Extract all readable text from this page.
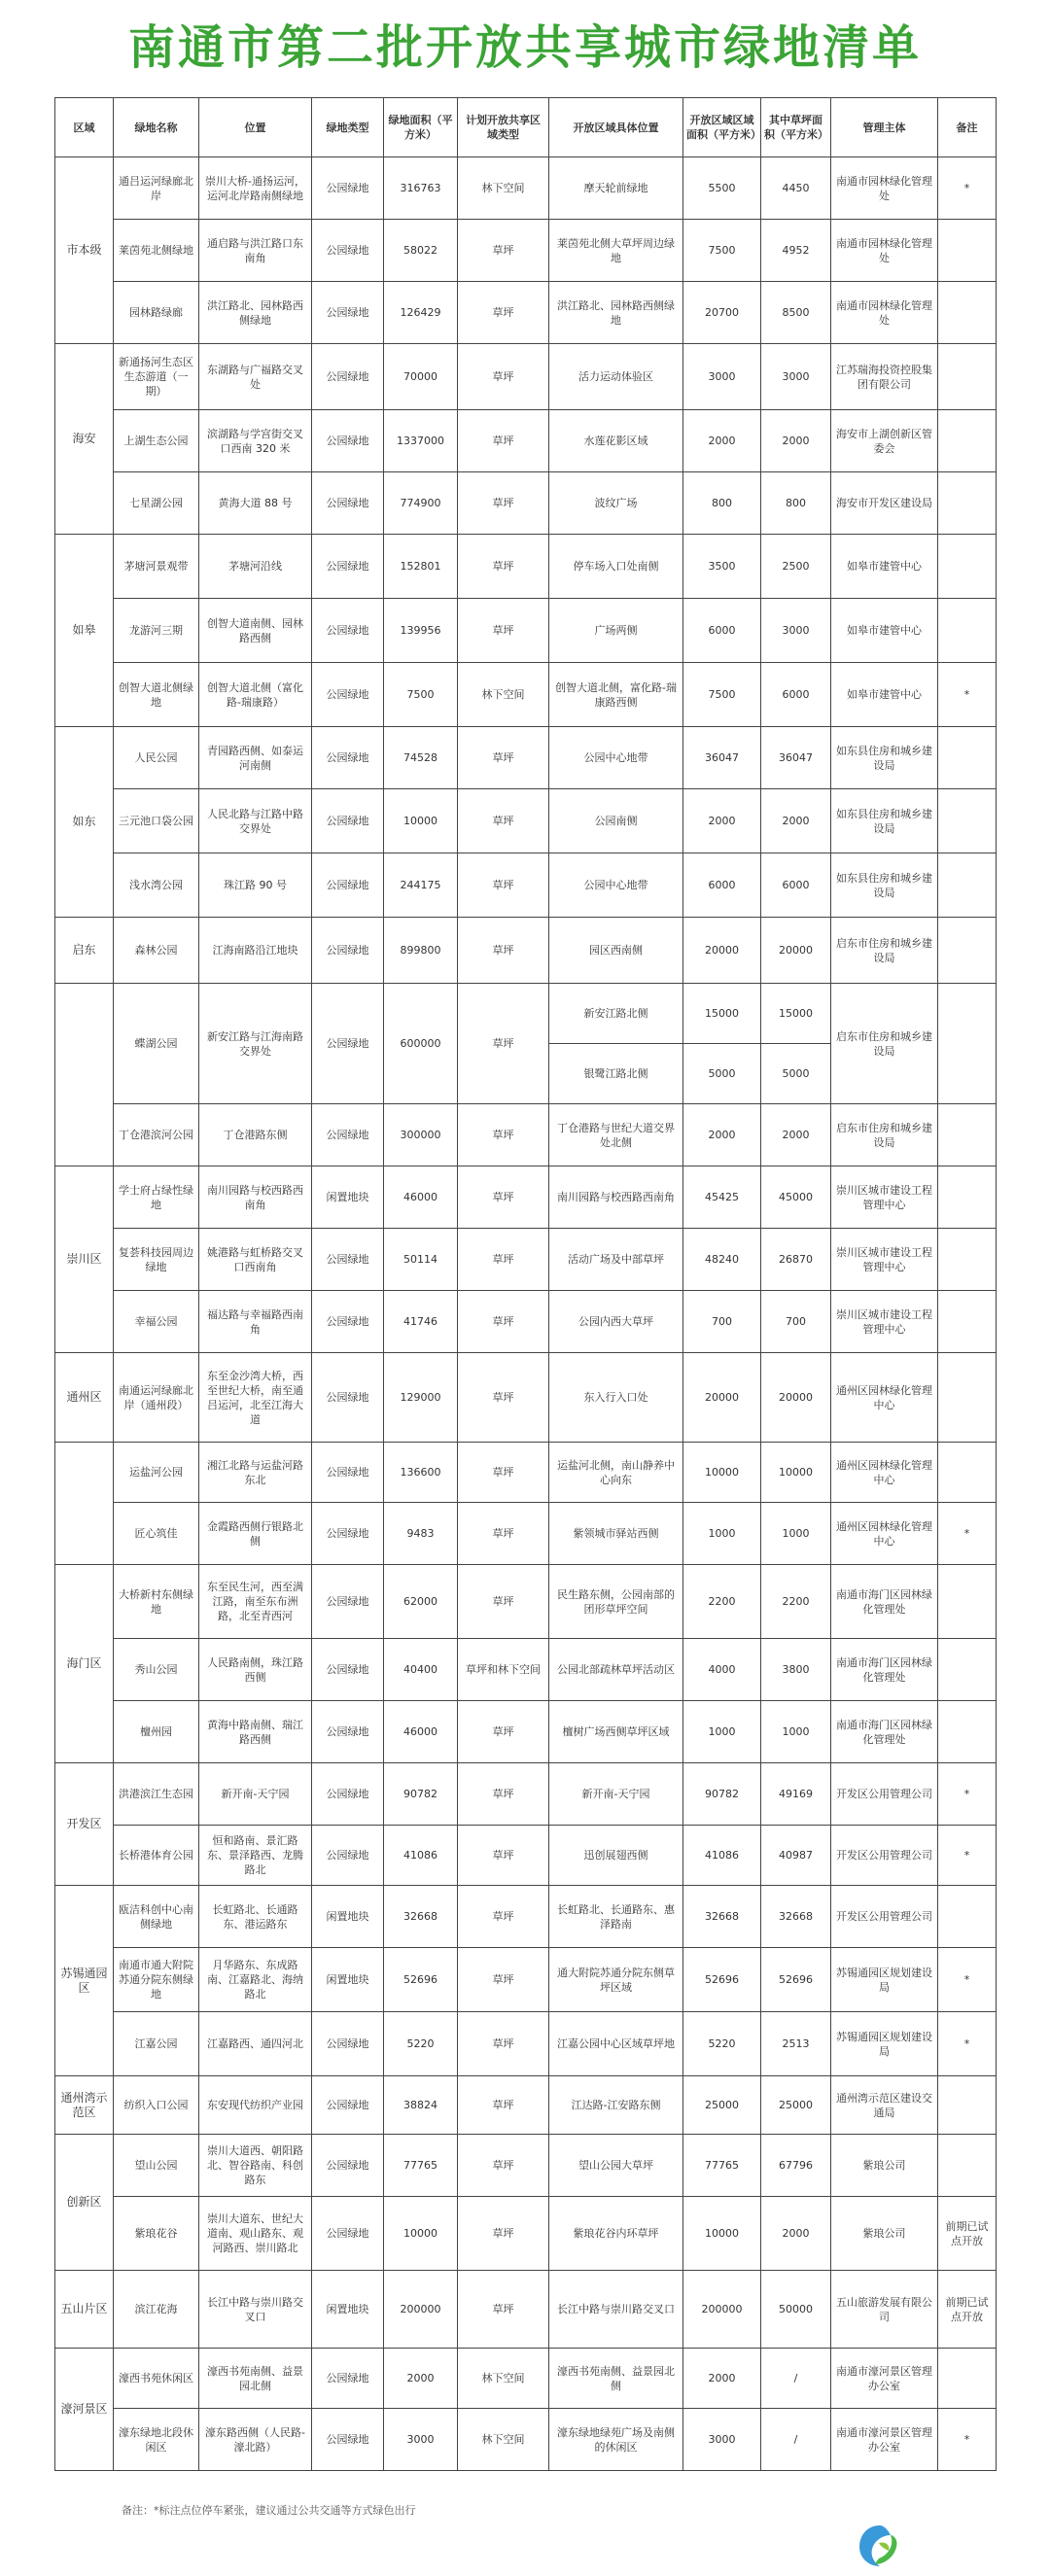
南通市第二批开放共享城市绿地清单
区域	绿地名称	位置	绿地类型	绿地面积（平方米）	计划开放共享区域类型	开放区域具体位置	开放区域区域面积（平方米）	其中草坪面积（平方米）	管理主体	备注
市本级	通吕运河绿廊北岸	崇川大桥-通扬运河，运河北岸路南侧绿地	公园绿地	316763	林下空间	摩天轮前绿地	5500	4450	南通市园林绿化管理处	*
	莱茵苑北侧绿地	通启路与洪江路口东南角	公园绿地	58022	草坪	莱茵苑北侧大草坪周边绿地	7500	4952	南通市园林绿化管理处	
	园林路绿廊	洪江路北、园林路西侧绿地	公园绿地	126429	草坪	洪江路北、园林路西侧绿地	20700	8500	南通市园林绿化管理处	
海安	新通扬河生态区生态游道（一期）	东湖路与广福路交叉处	公园绿地	70000	草坪	活力运动体验区	3000	3000	江苏瑞海投资控股集团有限公司	
	上湖生态公园	滨湖路与学宫街交叉口西南 320 米	公园绿地	1337000	草坪	水莲花影区域	2000	2000	海安市上湖创新区管委会	
	七星湖公园	黄海大道 88 号	公园绿地	774900	草坪	波纹广场	800	800	海安市开发区建设局	
如皋	茅塘河景观带	茅塘河沿线	公园绿地	152801	草坪	停车场入口处南侧	3500	2500	如皋市建管中心	
	龙游河三期	创智大道南侧、园林路西侧	公园绿地	139956	草坪	广场两侧	6000	3000	如皋市建管中心	
	创智大道北侧绿地	创智大道北侧（富化路-瑞康路）	公园绿地	7500	林下空间	创智大道北侧，富化路-瑞康路西侧	7500	6000	如皋市建管中心	*
如东	人民公园	青园路西侧、如泰运河南侧	公园绿地	74528	草坪	公园中心地带	36047	36047	如东县住房和城乡建设局	
	三元池口袋公园	人民北路与江路中路交界处	公园绿地	10000	草坪	公园南侧	2000	2000	如东县住房和城乡建设局	
	浅水湾公园	珠江路 90 号	公园绿地	244175	草坪	公园中心地带	6000	6000	如东县住房和城乡建设局	
启东	森林公园	江海南路沿江地块	公园绿地	899800	草坪	园区西南侧	20000	20000	启东市住房和城乡建设局	
	蝶湖公园	新安江路与江海南路交界处	公园绿地	600000	草坪	新安江路北侧	15000	15000	启东市住房和城乡建设局	
						银鹭江路北侧	5000	5000		
	丁仓港滨河公园	丁仓港路东侧	公园绿地	300000	草坪	丁仓港路与世纪大道交界处北侧	2000	2000	启东市住房和城乡建设局	
崇川区	学士府占绿性绿地	南川园路与校西路西南角	闲置地块	46000	草坪	南川园路与校西路西南角	45425	45000	崇川区城市建设工程管理中心	
	复荟科技园周边绿地	姚港路与虹桥路交叉口西南角	公园绿地	50114	草坪	活动广场及中部草坪	48240	26870	崇川区城市建设工程管理中心	
	幸福公园	福达路与幸福路西南角	公园绿地	41746	草坪	公园内西大草坪	700	700	崇川区城市建设工程管理中心	
通州区	南通运河绿廊北岸（通州段）	东至金沙湾大桥，西至世纪大桥，南至通吕运河，北至江海大道	公园绿地	129000	草坪	东入行入口处	20000	20000	通州区园林绿化管理中心	
	运盐河公园	湘江北路与运盐河路东北	公园绿地	136600	草坪	运盐河北侧，南山静养中心向东	10000	10000	通州区园林绿化管理中心	
	匠心筑佳	金霞路西侧行银路北侧	公园绿地	9483	草坪	紫领城市驿站西侧	1000	1000	通州区园林绿化管理中心	*
海门区	大桥新村东侧绿地	东至民生河，西至满江路，南至东布洲路，北至青西河	公园绿地	62000	草坪	民生路东侧，公园南部的团形草坪空间	2200	2200	南通市海门区园林绿化管理处	
	秀山公园	人民路南侧，珠江路西侧	公园绿地	40400	草坪和林下空间	公园北部疏林草坪活动区	4000	3800	南通市海门区园林绿化管理处	
	檀州园	黄海中路南侧、瑞江路西侧	公园绿地	46000	草坪	檀树广场西侧草坪区域	1000	1000	南通市海门区园林绿化管理处	
开发区	洪港滨江生态园	新开南-天宁园	公园绿地	90782	草坪	新开南-天宁园	90782	49169	开发区公用管理公司	*
	长桥港体育公园	恒和路南、景汇路东、景泽路西、龙腾路北	公园绿地	41086	草坪	迅创展翅西侧	41086	40987	开发区公用管理公司	*
苏锡通园区	瓯洁科创中心南侧绿地	长虹路北、长通路东、港运路东	闲置地块	32668	草坪	长虹路北、长通路东、惠泽路南	32668	32668	开发区公用管理公司	
	南通市通大附院苏通分院东侧绿地	月华路东、东成路南、江嘉路北、海纳路北	闲置地块	52696	草坪	通大附院苏通分院东侧草坪区域	52696	52696	苏锡通园区规划建设局	*
	江嘉公园	江嘉路西、通四河北	公园绿地	5220	草坪	江嘉公园中心区域草坪地	5220	2513	苏锡通园区规划建设局	*
通州湾示范区	纺织入口公园	东安现代纺织产业园	公园绿地	38824	草坪	江达路-江安路东侧	25000	25000	通州湾示范区建设交通局	
创新区	望山公园	崇川大道西、朝阳路北、智谷路南、科创路东	公园绿地	77765	草坪	望山公园大草坪	77765	67796	紫琅公司	
	紫琅花谷	崇川大道东、世纪大道南、观山路东、观河路西、崇川路北	公园绿地	10000	草坪	紫琅花谷内环草坪	10000	2000	紫琅公司	前期已试点开放
五山片区	滨江花海	长江中路与崇川路交叉口	闲置地块	200000	草坪	长江中路与崇川路交叉口	200000	50000	五山旅游发展有限公司	前期已试点开放
濠河景区	濠西书苑休闲区	濠西书苑南侧、益景园北侧	公园绿地	2000	林下空间	濠西书苑南侧、益景园北侧	2000	/	南通市濠河景区管理办公室	
	濠东绿地北段休闲区	濠东路西侧（人民路-濠北路）	公园绿地	3000	林下空间	濠东绿地绿苑广场及南侧的休闲区	3000	/	南通市濠河景区管理办公室	*
备注：*标注点位停车紧张，建议通过公共交通等方式绿色出行
